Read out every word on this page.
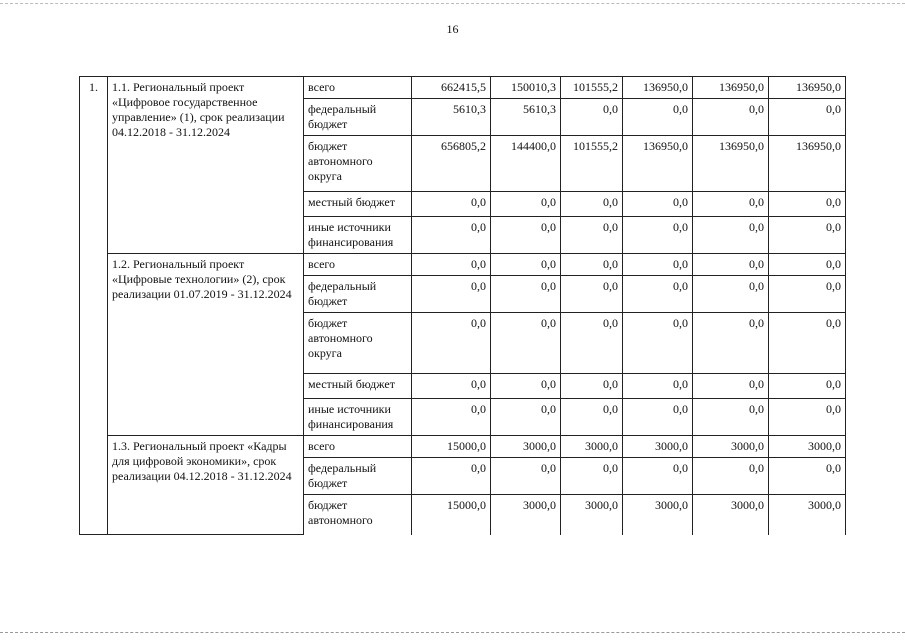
16
1.	1.1. Региональный проект «Цифровое государственное управление» (1), срок реализации 04.12.2018 - 31.12.2024	всего	662415,5	150010,3	101555,2	136950,0	136950,0	136950,0
		федеральный бюджет	5610,3	5610,3	0,0	0,0	0,0	0,0
		бюджет автономного округа	656805,2	144400,0	101555,2	136950,0	136950,0	136950,0
		местный бюджет	0,0	0,0	0,0	0,0	0,0	0,0
		иные источники финансирования	0,0	0,0	0,0	0,0	0,0	0,0
	1.2. Региональный проект «Цифровые технологии» (2), срок реализации 01.07.2019 - 31.12.2024	всего	0,0	0,0	0,0	0,0	0,0	0,0
		федеральный бюджет	0,0	0,0	0,0	0,0	0,0	0,0
		бюджет автономного округа	0,0	0,0	0,0	0,0	0,0	0,0
		местный бюджет	0,0	0,0	0,0	0,0	0,0	0,0
		иные источники финансирования	0,0	0,0	0,0	0,0	0,0	0,0
	1.3. Региональный проект «Кадры для цифровой экономики», срок реализации 04.12.2018 - 31.12.2024	всего	15000,0	3000,0	3000,0	3000,0	3000,0	3000,0
		федеральный бюджет	0,0	0,0	0,0	0,0	0,0	0,0
		бюджет автономного	15000,0	3000,0	3000,0	3000,0	3000,0	3000,0
